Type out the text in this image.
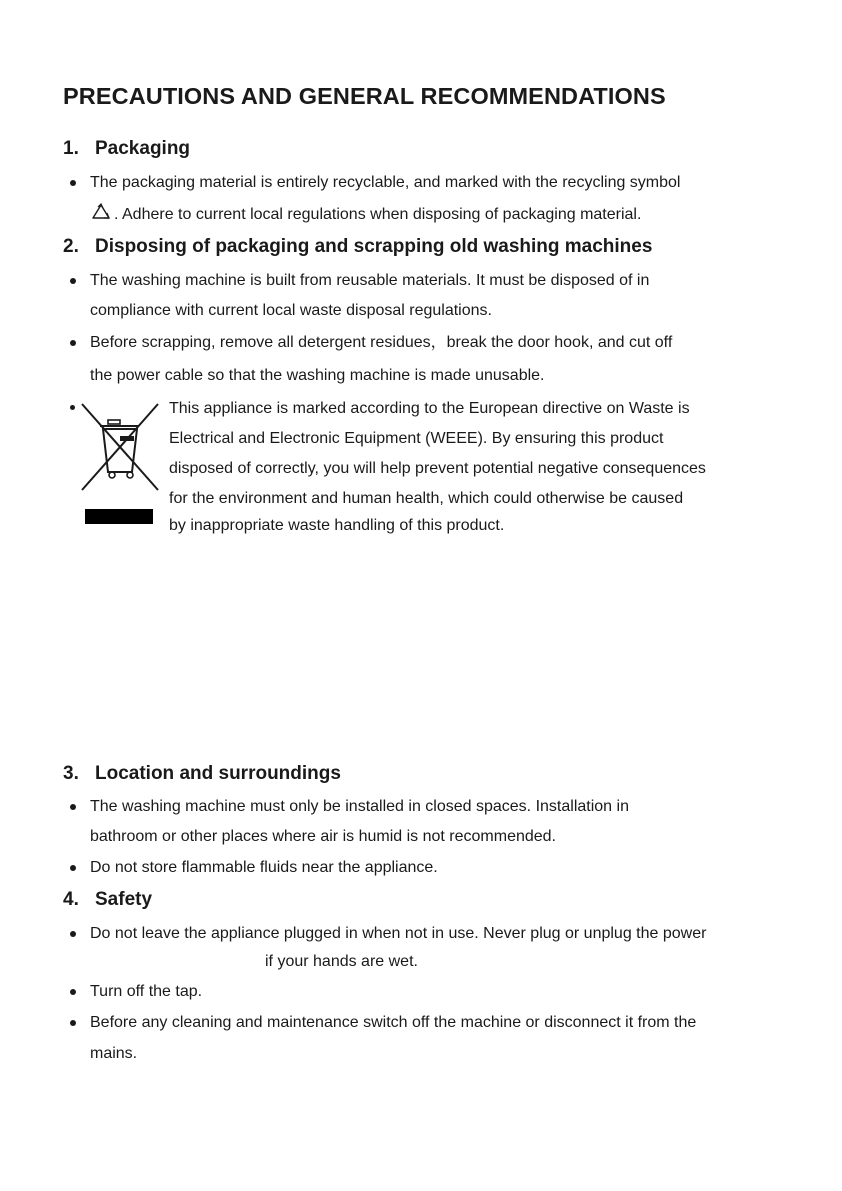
PRECAUTIONS AND GENERAL RECOMMENDATIONS
1. Packaging
The packaging material is entirely recyclable, and marked with the recycling symbol
. Adhere to current local regulations when disposing of packaging material.
2. Disposing of packaging and scrapping old washing machines
The washing machine is built from reusable materials. It must be disposed of in
compliance with current local waste disposal regulations.
Before scrapping, remove all detergent residues，break the door hook, and cut off
the power cable so that the washing machine is made unusable.
This appliance is marked according to the European directive on Waste is
Electrical and Electronic Equipment (WEEE). By ensuring this product
disposed of correctly, you will help prevent potential negative consequences
for the environment and human health, which could otherwise be caused
by inappropriate waste handling of this product.
3. Location and surroundings
The washing machine must only be installed in closed spaces. Installation in
bathroom or other places where air is humid is not recommended.
Do not store flammable fluids near the appliance.
4. Safety
Do not leave the appliance plugged in when not in use. Never plug or unplug the power
if your hands are wet.
Turn off the tap.
Before any cleaning and maintenance switch off the machine or disconnect it from the
mains.
